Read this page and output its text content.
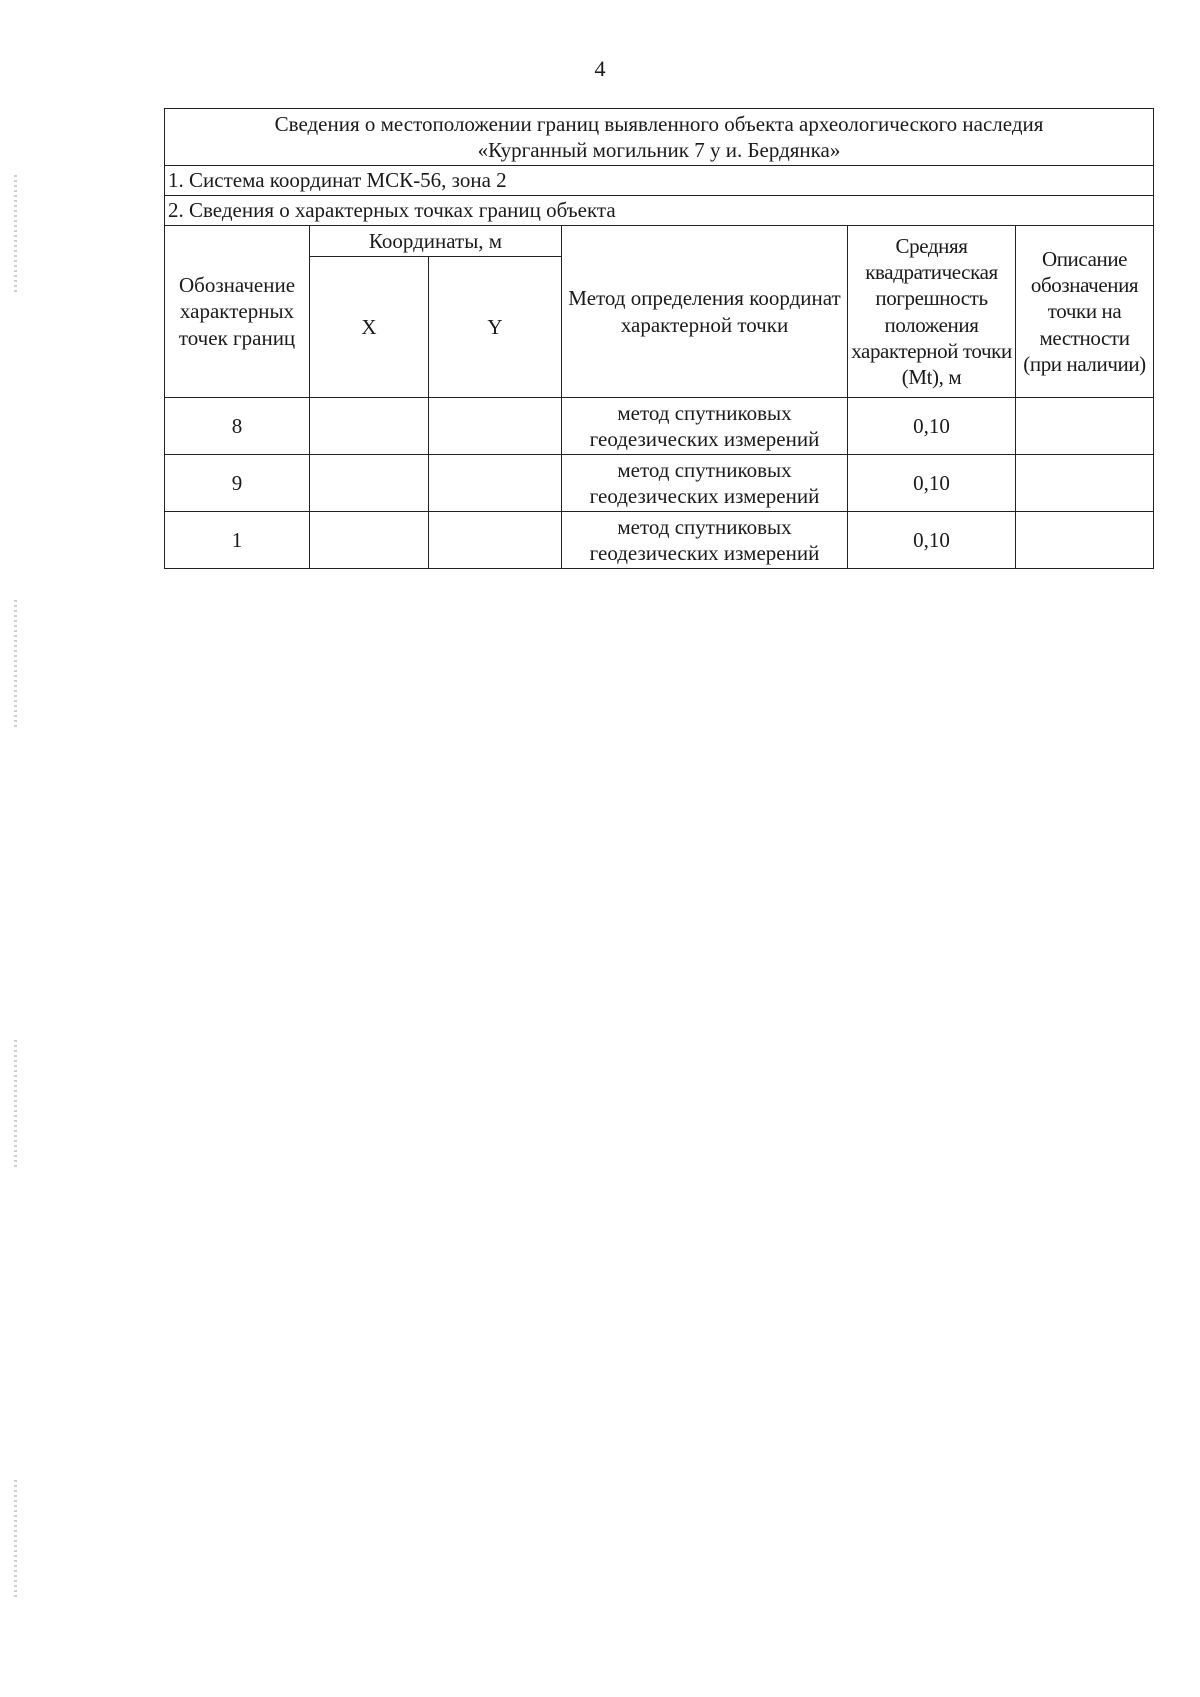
4
Сведения о местоположении границ выявленного объекта археологического наследия
«Курганный могильник 7 у и. Бердянка»					

1. Система координат МСК-56, зона 2					
2. Сведения о характерных точках границ объекта					
Обозначение характерных точек границ	Координаты, м		Метод определения координат характерной точки	Средняя квадратическая погрешность положения характерной точки (Mt), м	Описание обозначения точки на местности (при наличии)
	X	Y			
8			метод спутниковых геодезических измерений	0,10	
9			метод спутниковых геодезических измерений	0,10	
1			метод спутниковых геодезических измерений	0,10	
